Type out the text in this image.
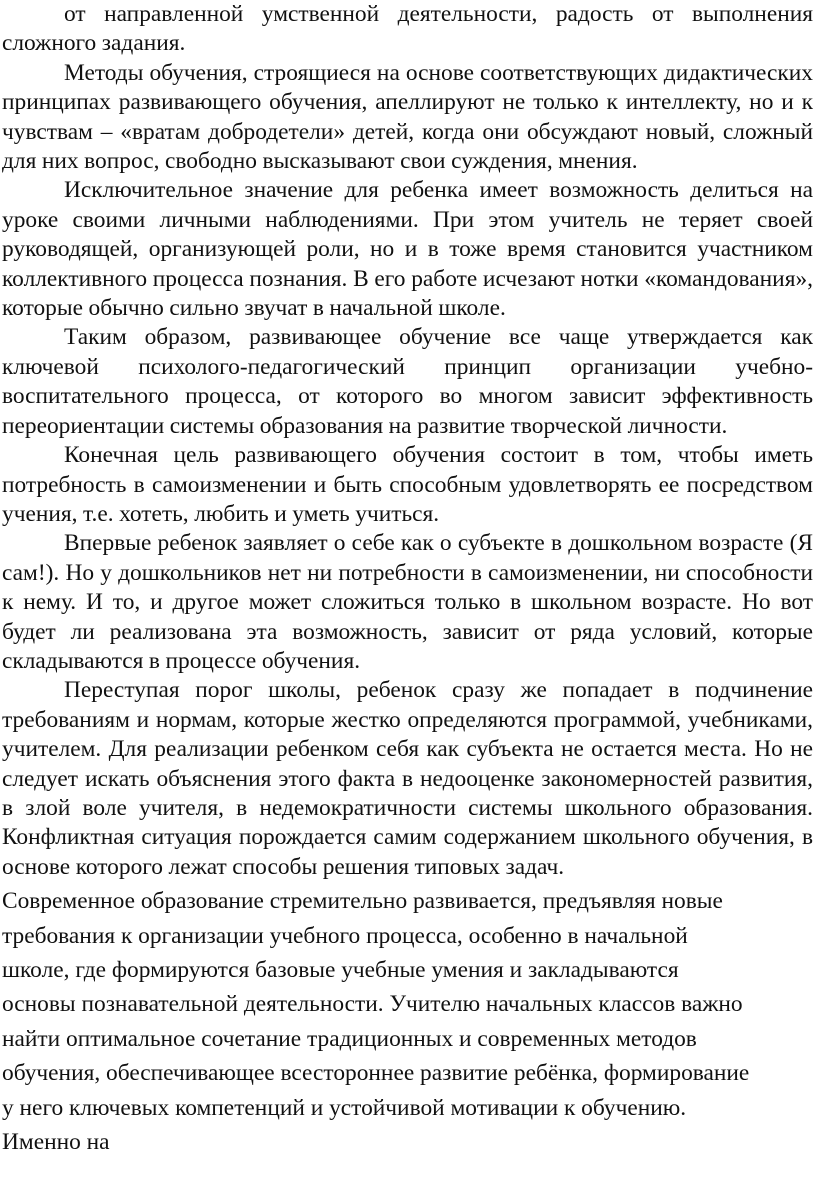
от направленной умственной деятельности, радость от выполнения сложного задания.

Методы обучения, строящиеся на основе соответствующих дидактических принципах развивающего обучения, апеллируют не только к интеллекту, но и к чувствам – «вратам добродетели» детей, когда они обсуждают новый, сложный для них вопрос, свободно высказывают свои суждения, мнения.

Исключительное значение для ребенка имеет возможность делиться на уроке своими личными наблюдениями. При этом учитель не теряет своей руководящей, организующей роли, но и в тоже время становится участником коллективного процесса познания. В его работе исчезают нотки «командования», которые обычно сильно звучат в начальной школе.

Таким образом, развивающее обучение все чаще утверждается как ключевой психолого-педагогический принцип организации учебно-воспитательного процесса, от которого во многом зависит эффективность переориентации системы образования на развитие творческой личности.

Конечная цель развивающего обучения состоит в том, чтобы иметь потребность в самоизменении и быть способным удовлетворять ее посредством учения, т.е. хотеть, любить и уметь учиться.

Впервые ребенок заявляет о себе как о субъекте в дошкольном возрасте (Я сам!). Но у дошкольников нет ни потребности в самоизменении, ни способности к нему. И то, и другое может сложиться только в школьном возрасте. Но вот будет ли реализована эта возможность, зависит от ряда условий, которые складываются в процессе обучения.

Переступая порог школы, ребенок сразу же попадает в подчинение требованиям и нормам, которые жестко определяются программой, учебниками, учителем. Для реализации ребенком себя как субъекта не остается места. Но не следует искать объяснения этого факта в недооценке закономерностей развития, в злой воле учителя, в недемократичности системы школьного образования. Конфликтная ситуация порождается самим содержанием школьного обучения, в основе которого лежат способы решения типовых задач.

Современное образование стремительно развивается, предъявляя новые
требования к организации учебного процесса, особенно в начальной
школе, где формируются базовые учебные умения и закладываются
основы познавательной деятельности. Учителю начальных классов важно
найти оптимальное сочетание традиционных и современных методов
обучения, обеспечивающее всестороннее развитие ребёнка, формирование
у него ключевых компетенций и устойчивой мотивации к обучению.
Именно на
